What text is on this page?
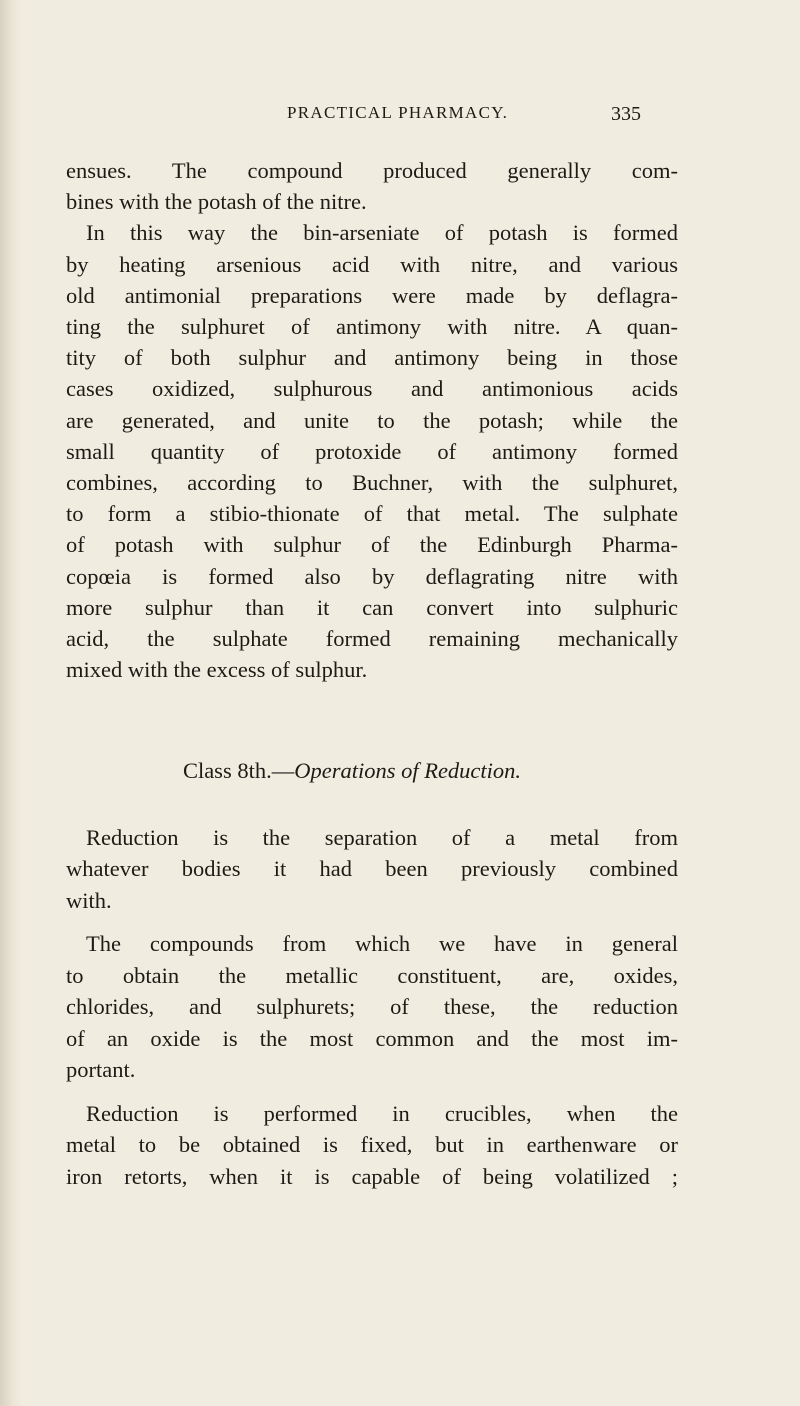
PRACTICAL PHARMACY.	335

ensues. The compound produced generally com-
bines with the potash of the nitre.

In this way the bin-arseniate of potash is formed
by heating arsenious acid with nitre, and various
old antimonial preparations were made by deflagra-
ting the sulphuret of antimony with nitre. A quan-
tity of both sulphur and antimony being in those
cases oxidized, sulphurous and antimonious acids
are generated, and unite to the potash; while the
small quantity of protoxide of antimony formed
combines, according to Buchner, with the sulphuret,
to form a stibio-thionate of that metal. The sulphate
of potash with sulphur of the Edinburgh Pharma-
copœia is formed also by deflagrating nitre with
more sulphur than it can convert into sulphuric
acid, the sulphate formed remaining mechanically
mixed with the excess of sulphur.

Class 8th.—Operations of Reduction.

Reduction is the separation of a metal from
whatever bodies it had been previously combined
with.

The compounds from which we have in general
to obtain the metallic constituent, are, oxides,
chlorides, and sulphurets; of these, the reduction
of an oxide is the most common and the most im-
portant.

Reduction is performed in crucibles, when the
metal to be obtained is fixed, but in earthenware or
iron retorts, when it is capable of being volatilized ;
